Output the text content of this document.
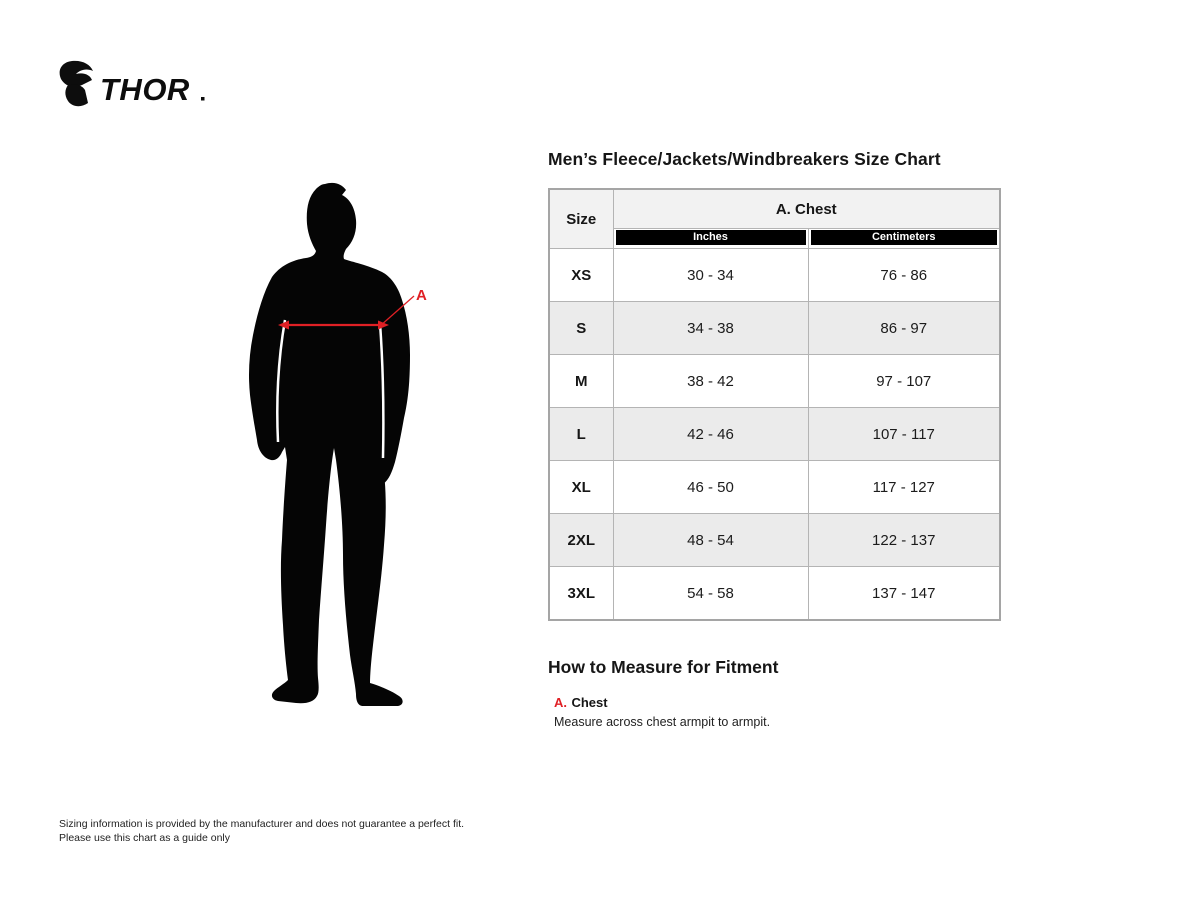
THOR
A
Men’s Fleece/Jackets/Windbreakers Size Chart
Size	A. Chest	

	Inches	Centimeters

XS	30 - 34	76 - 86
S	34 - 38	86 - 97
M	38 - 42	97 - 107
L	42 - 46	107 - 117
XL	46 - 50	117 - 127
2XL	48 - 54	122 - 137
3XL	54 - 58	137 - 147
How to Measure for Fitment
A. Chest
Measure across chest armpit to armpit.
Sizing information is provided by the manufacturer and does not guarantee a perfect fit.
Please use this chart as a guide only
